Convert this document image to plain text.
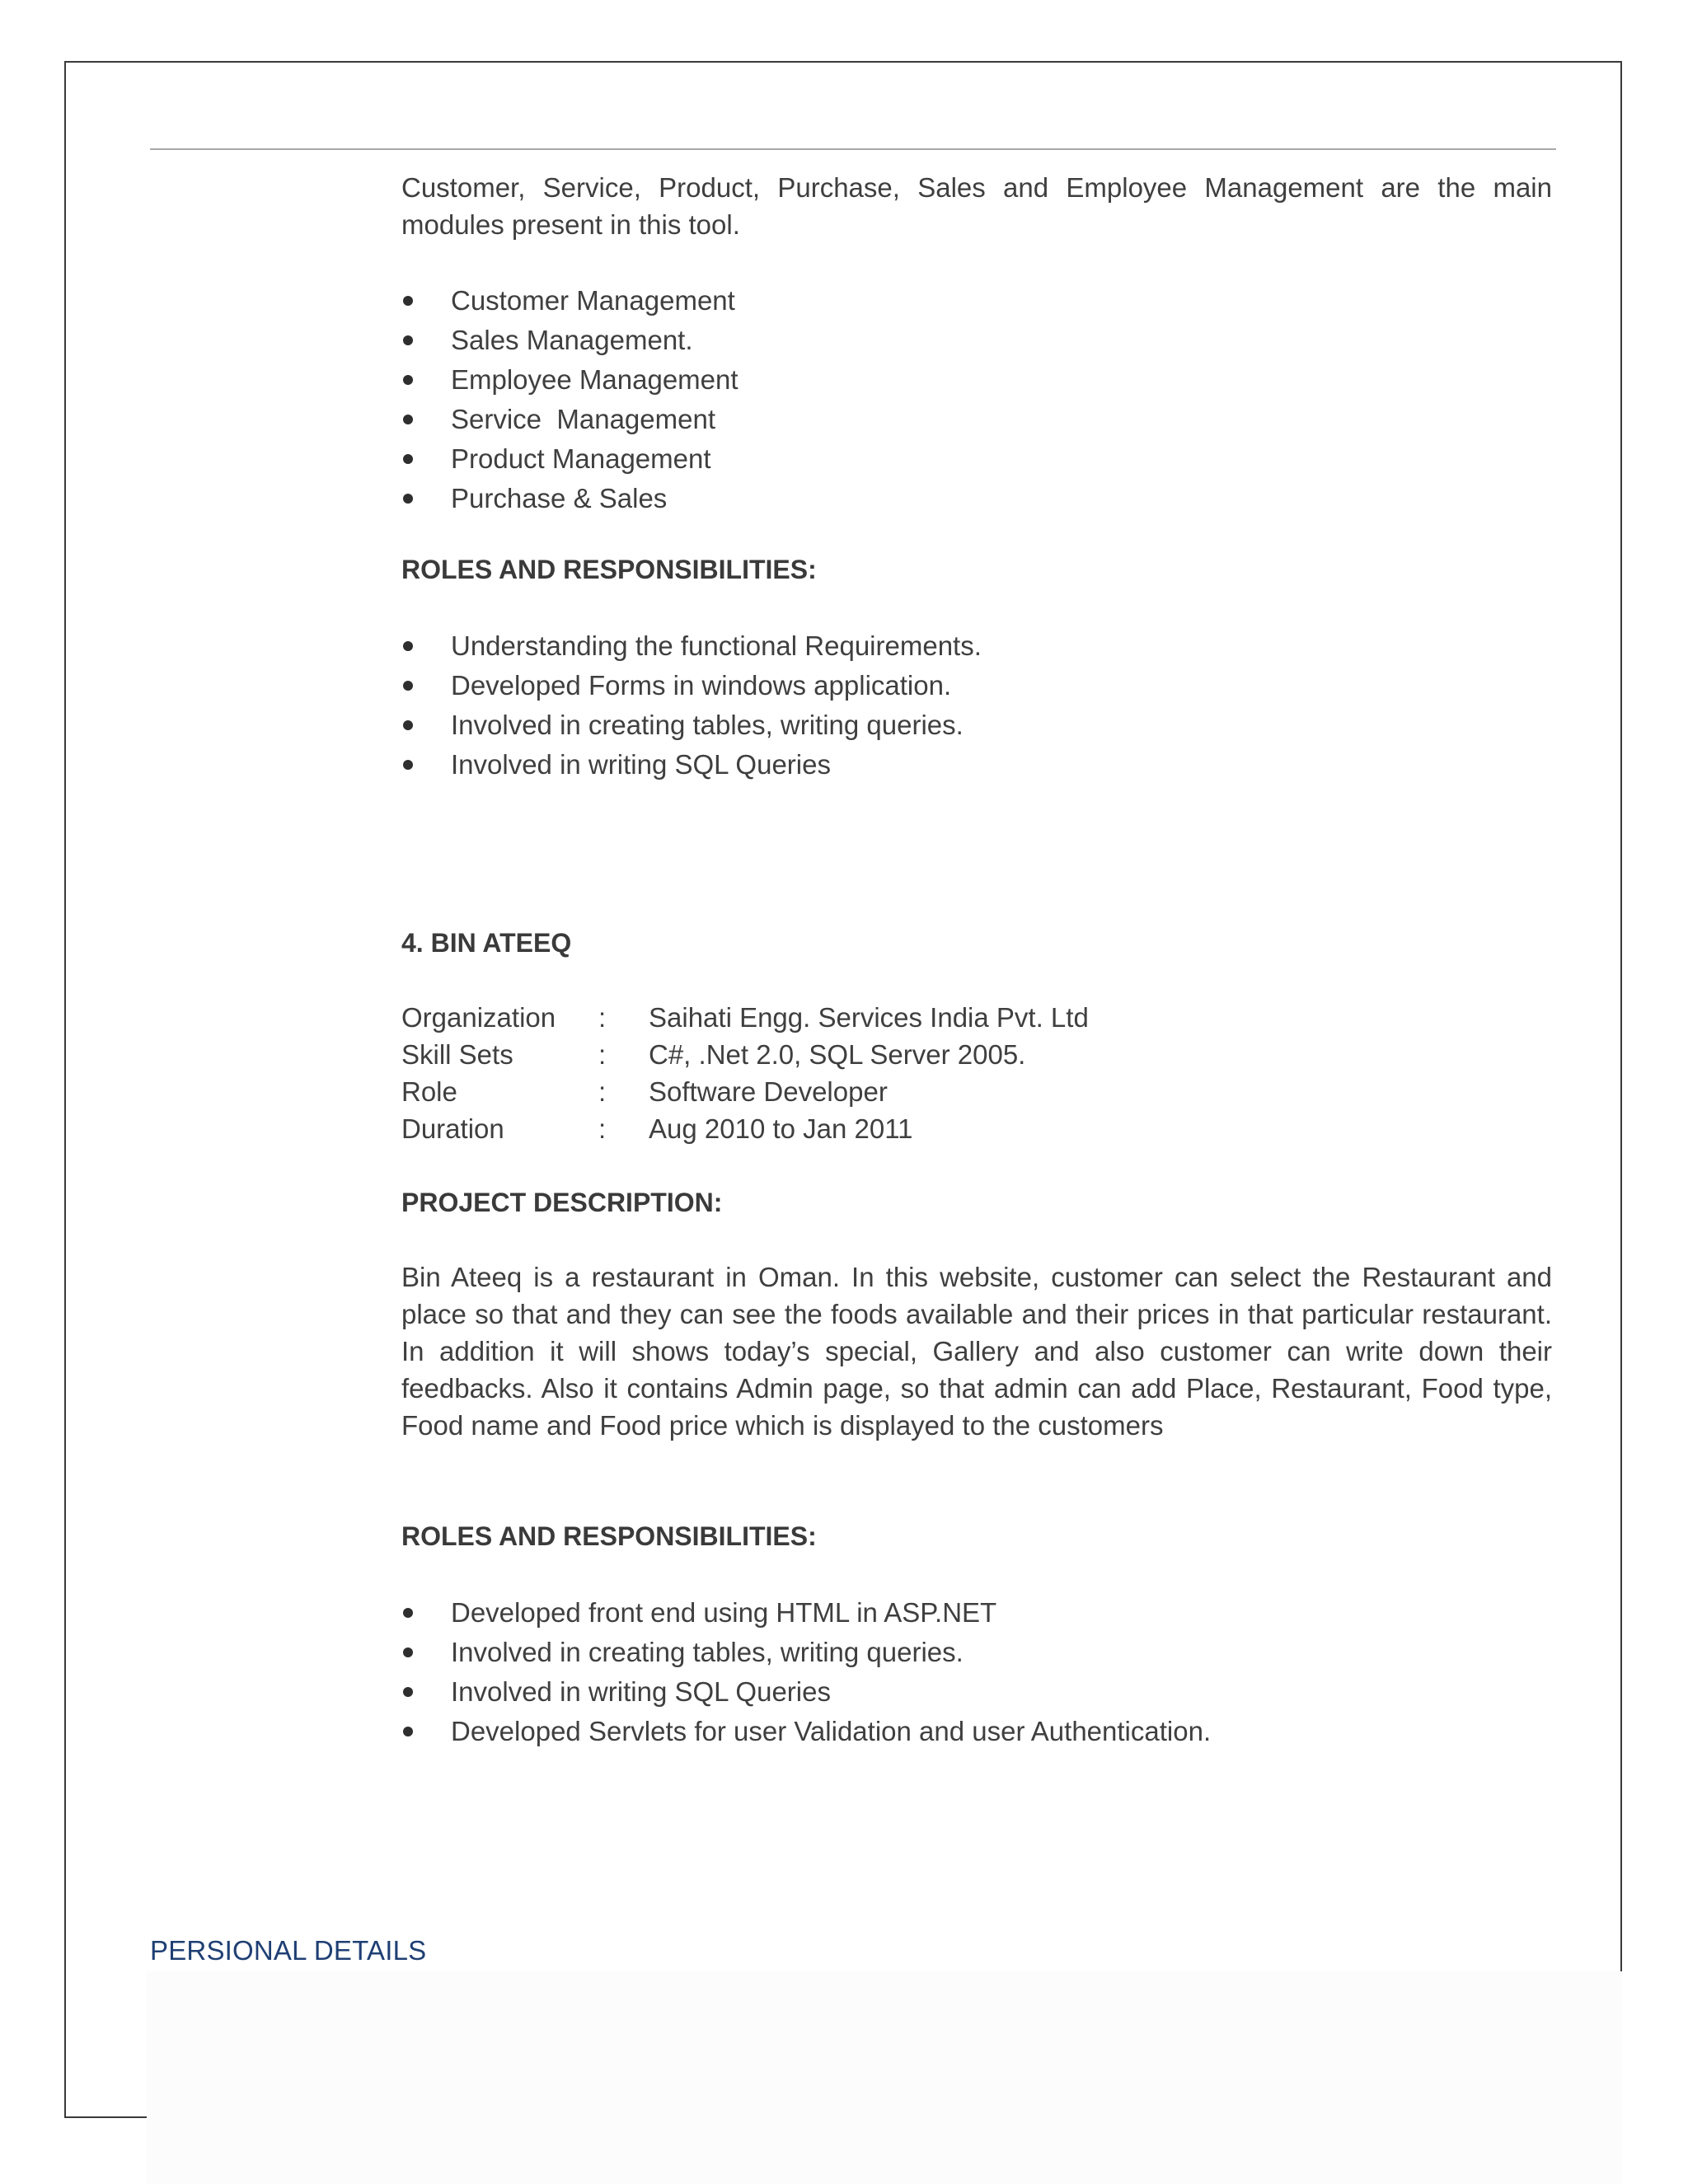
Customer, Service, Product, Purchase, Sales and Employee Management are the main modules present in this tool.

Customer Management
Sales Management.
Employee Management
Service  Management
Product Management
Purchase & Sales

ROLES AND RESPONSIBILITIES:

Understanding the functional Requirements.
Developed Forms in windows application.
Involved in creating tables, writing queries.
Involved in writing SQL Queries

4. BIN ATEEQ

Organization	:	Saihati Engg. Services India Pvt. Ltd
Skill Sets	:	C#, .Net 2.0, SQL Server 2005.
Role	:	Software Developer
Duration	:	Aug 2010 to Jan 2011

PROJECT DESCRIPTION:

Bin Ateeq is a restaurant in Oman. In this website, customer can select the Restaurant and place so that and they can see the foods available and their prices in that particular restaurant. In addition it will shows today’s special, Gallery and also customer can write down their feedbacks. Also it contains Admin page, so that admin can add Place, Restaurant, Food type, Food name and Food price which is displayed to the customers

ROLES AND RESPONSIBILITIES:

Developed front end using HTML in ASP.NET
Involved in creating tables, writing queries.
Involved in writing SQL Queries
Developed Servlets for user Validation and user Authentication.
PERSIONAL DETAILS
